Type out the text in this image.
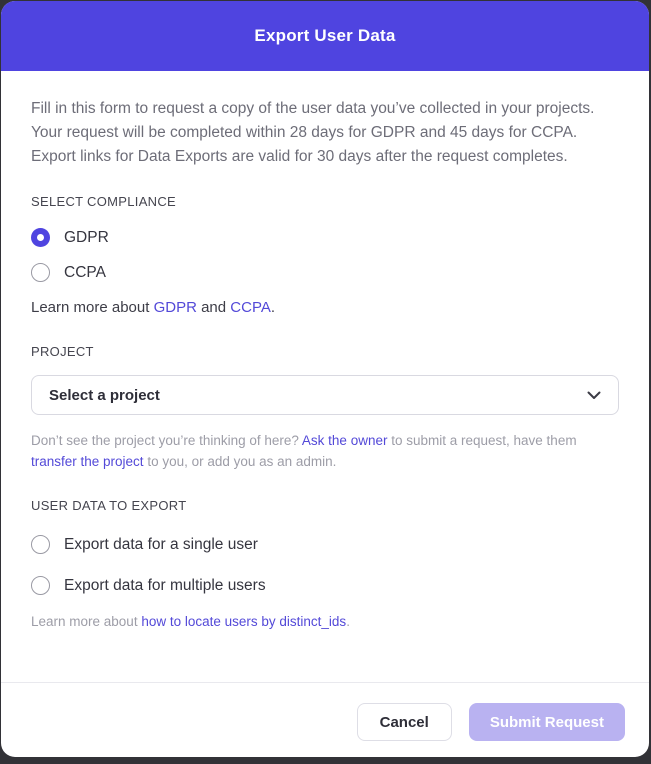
Export User Data

Fill in this form to request a copy of the user data you’ve collected in your projects. Your request will be completed within 28 days for GDPR and 45 days for CCPA. Export links for Data Exports are valid for 30 days after the request completes.

SELECT COMPLIANCE
GDPR
CCPA

Learn more about GDPR and CCPA.

PROJECT
Select a project

Don’t see the project you’re thinking of here? Ask the owner to submit a request, have them transfer the project to you, or add you as an admin.

USER DATA TO EXPORT
Export data for a single user
Export data for multiple users

Learn more about how to locate users by distinct_ids.

Cancel	Submit Request
